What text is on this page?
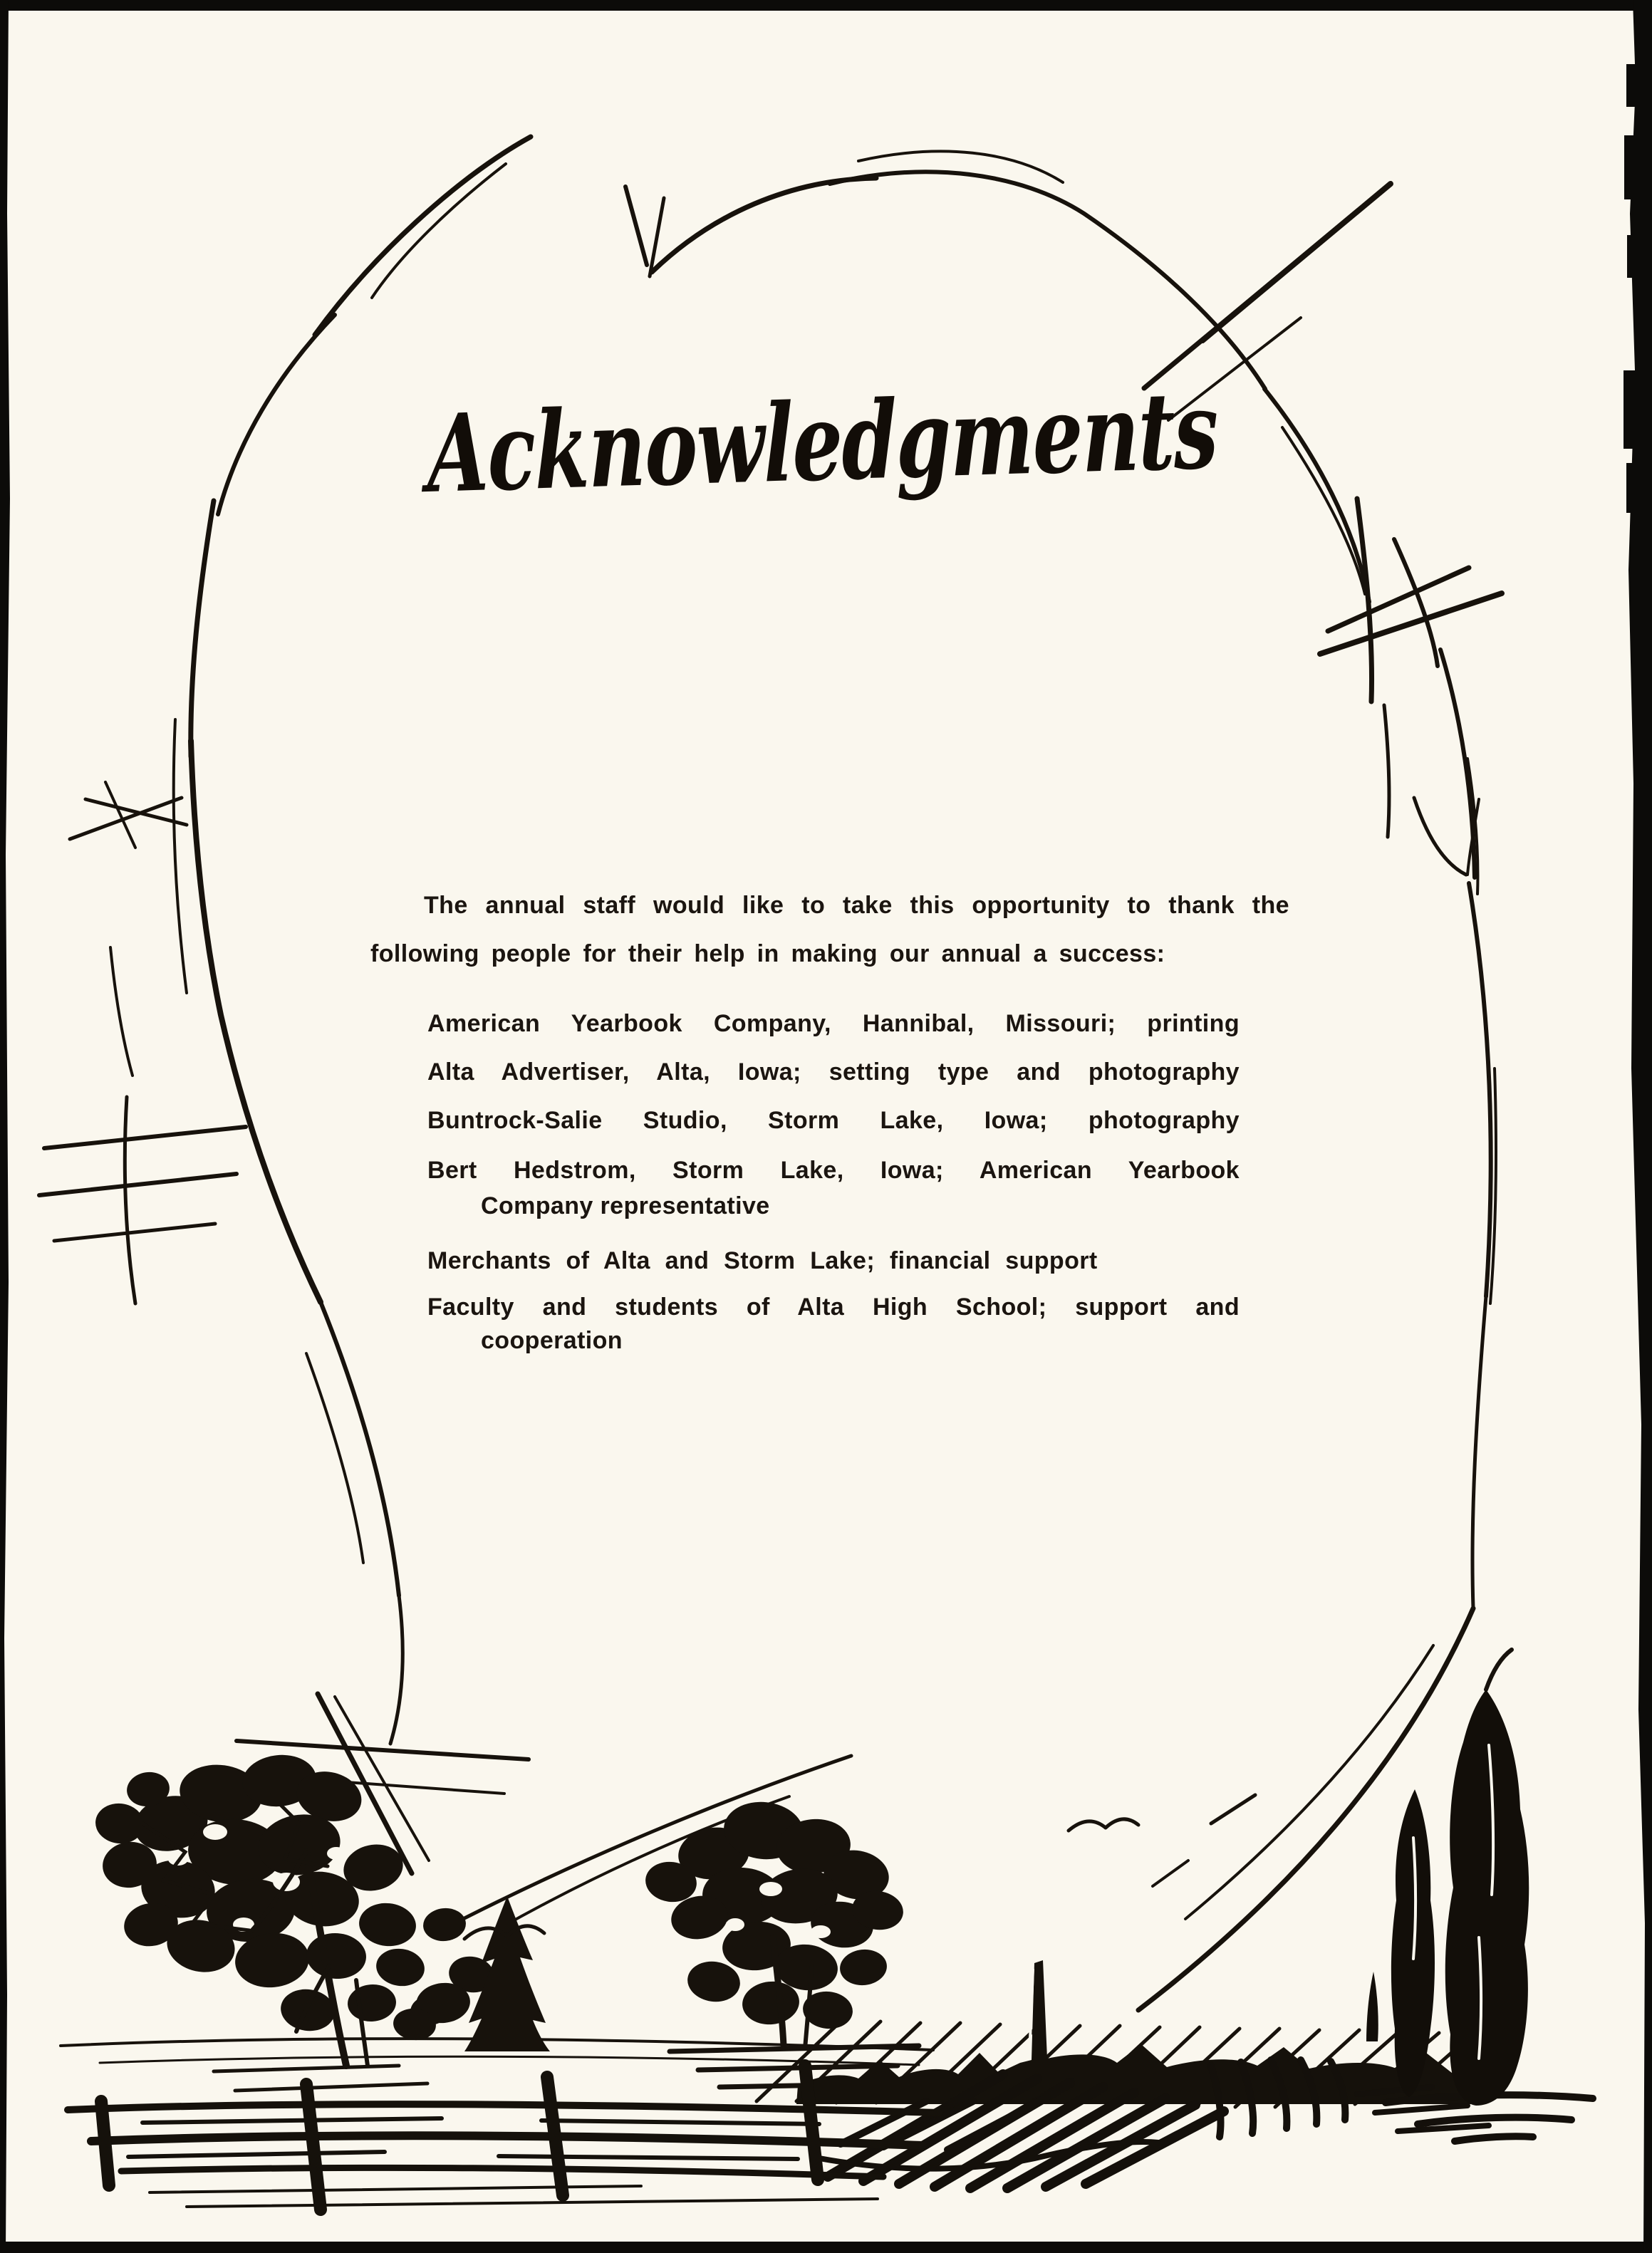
Acknowledgments
The annual staff would like to take this opportunity to thank the
following people for their help in making our annual a success:
American Yearbook Company, Hannibal, Missouri; printing
Alta Advertiser, Alta, Iowa; setting type and photography
Buntrock-Salie Studio, Storm Lake, Iowa; photography
Bert Hedstrom, Storm Lake, Iowa; American Yearbook
Company representative
Merchants of Alta and Storm Lake; financial support
Faculty and students of Alta High School; support and
cooperation
